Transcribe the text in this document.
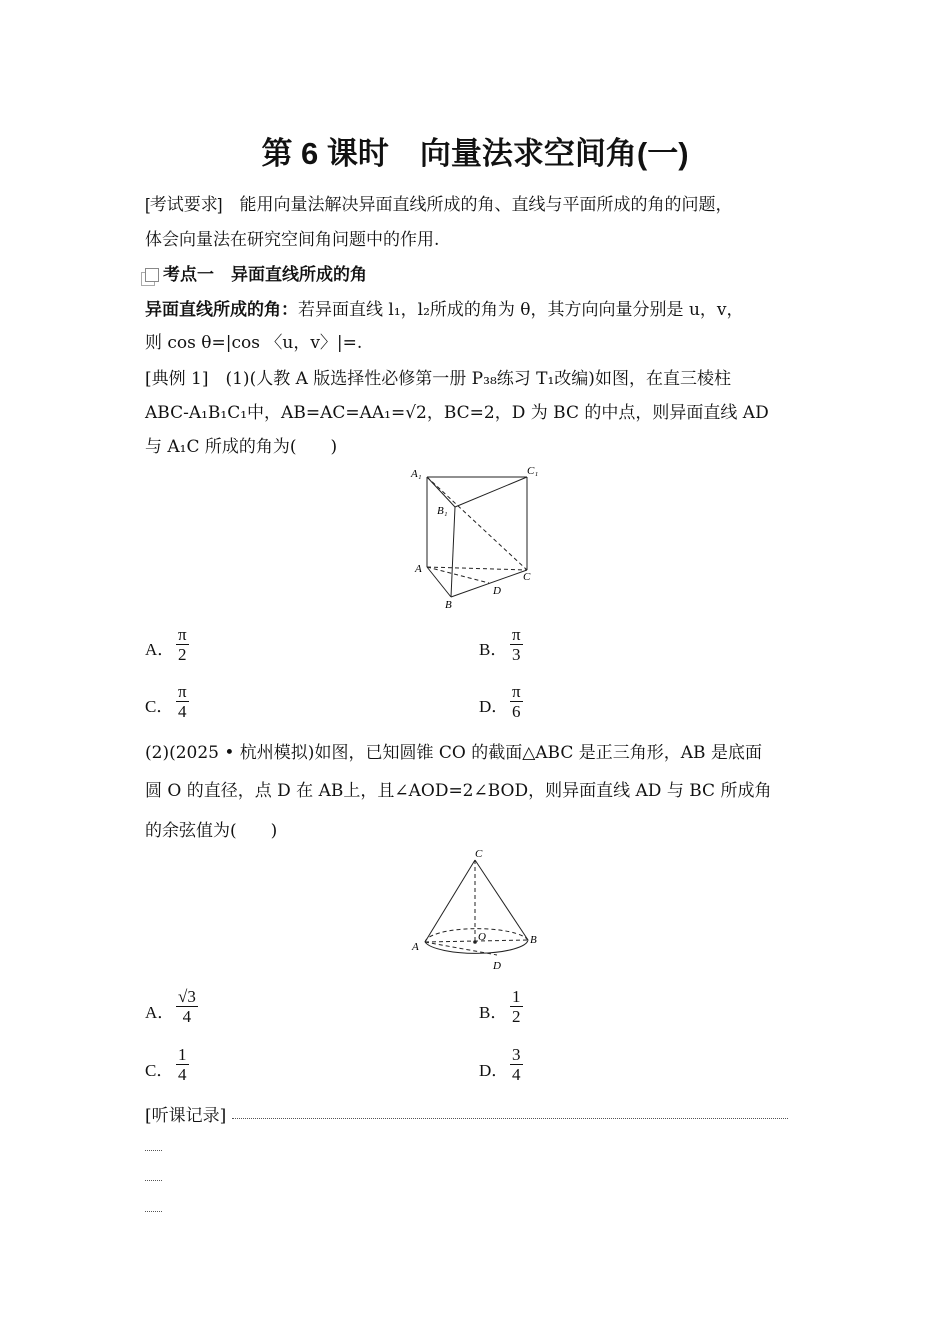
第 6 课时　向量法求空间角(一)
[考试要求]　 能用向量法解决异面直线所成的角、直线与平面所成的角的问题，
体会向量法在研究空间角问题中的作用.
考点一　异面直线所成的角
异面直线所成的角：若异面直线 l₁，l₂所成的角为 θ，其方向向量分别是 u，v，
则 cos θ=|cos 〈u，v〉|=.
[典例 1]　 (1)(人教 A 版选择性必修第一册 P₃₈练习 T₁改编)如图，在直三棱柱
ABC-A₁B₁C₁中，AB=AC=AA₁=√2，BC=2，D 为 BC 的中点，则异面直线 AD
与 A₁C 所成的角为(　　)
A₁	C₁
B₁
A
C
B
D
A． $\frac{\pi}{2}$	B． $\frac{\pi}{3}$
C． $\frac{\pi}{4}$	D． $\frac{\pi}{6}$
(2)(2025 • 杭州模拟)如图，已知圆锥 CO 的截面△ABC 是正三角形，AB 是底面
圆 O 的直径，点 D 在 AB上，且∠AOD=2∠BOD，则异面直线 AD 与 BC 所成角
的余弦值为(　　)
C
A
B
O
D
A． $\frac{√3}{4}$	B． $\frac{1}{2}$
C． $\frac{1}{4}$	D． $\frac{3}{4}$
[听课记录]
